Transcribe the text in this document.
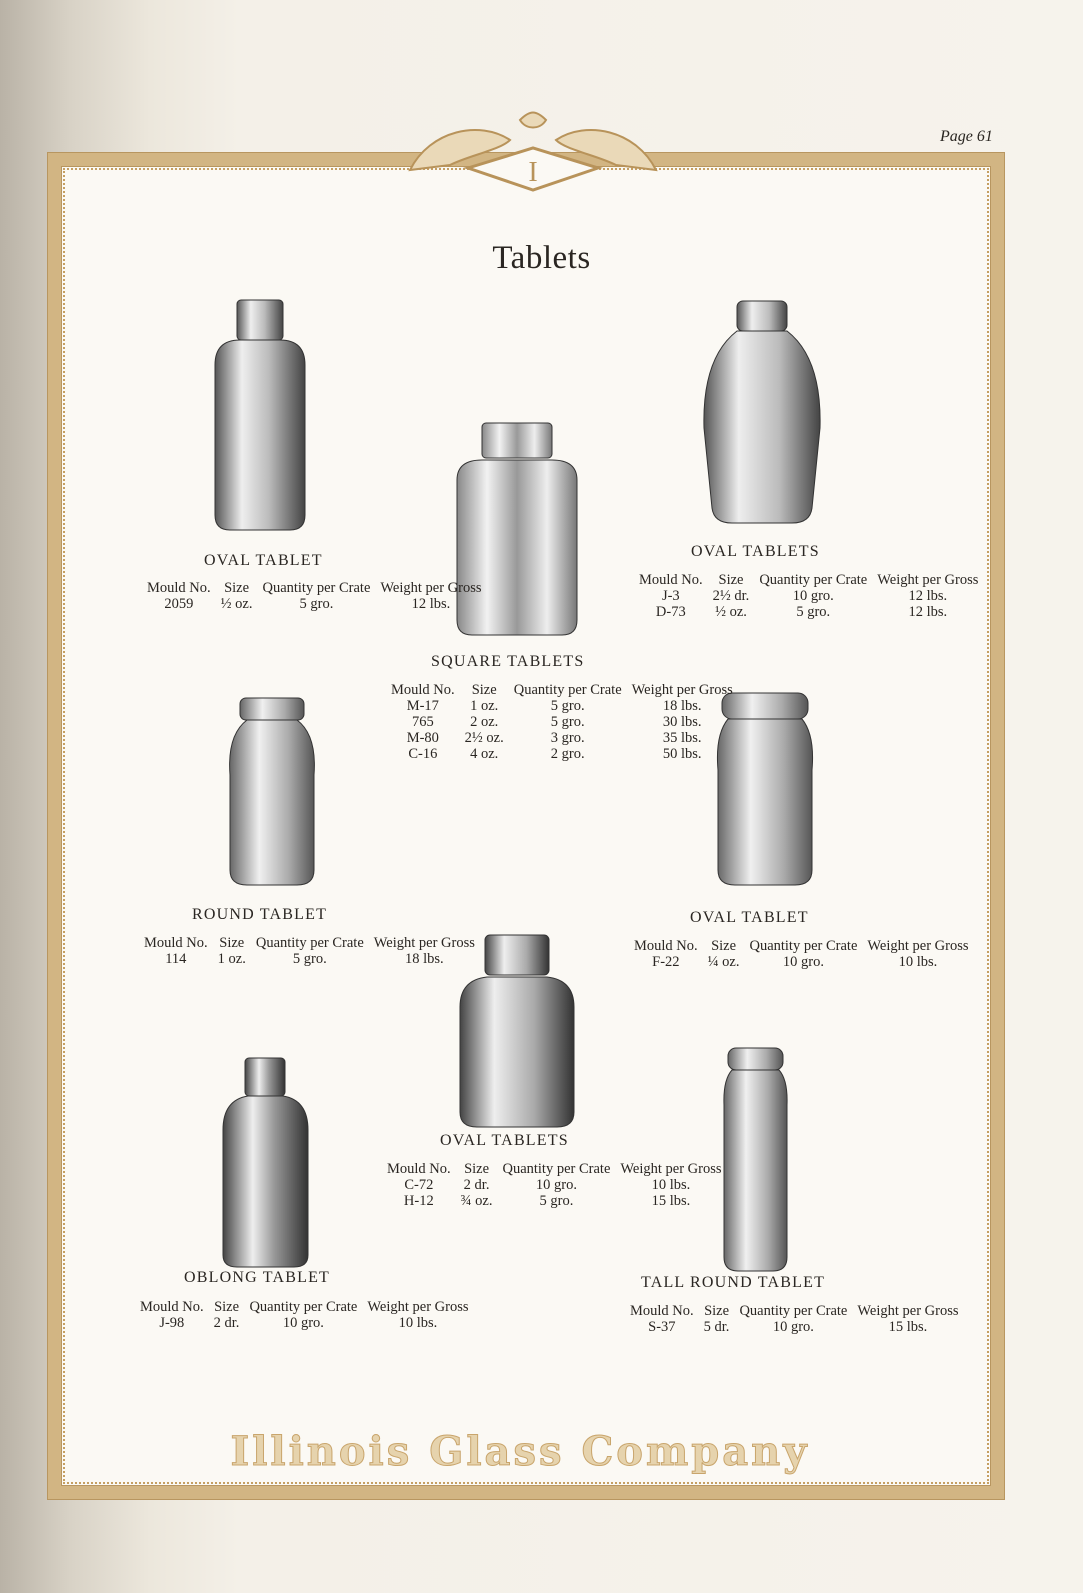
Page 61
I
Tablets
OVAL TABLET
Mould No.	Size	Quantity per Crate	Weight per Gross
2059	½ oz.	5 gro.	12 lbs.
SQUARE TABLETS
Mould No.	Size	Quantity per Crate	Weight per Gross
M-17	1 oz.	5 gro.	18 lbs.
765	2 oz.	5 gro.	30 lbs.
M-80	2½ oz.	3 gro.	35 lbs.
C-16	4 oz.	2 gro.	50 lbs.
OVAL TABLETS
Mould No.	Size	Quantity per Crate	Weight per Gross
J-3	2½ dr.	10 gro.	12 lbs.
D-73	½ oz.	5 gro.	12 lbs.
ROUND TABLET
Mould No.	Size	Quantity per Crate	Weight per Gross
114	1 oz.	5 gro.	18 lbs.
OVAL TABLET
Mould No.	Size	Quantity per Crate	Weight per Gross
F-22	¼ oz.	10 gro.	10 lbs.
OVAL TABLETS
Mould No.	Size	Quantity per Crate	Weight per Gross
C-72	2 dr.	10 gro.	10 lbs.
H-12	¾ oz.	5 gro.	15 lbs.
OBLONG TABLET
Mould No.	Size	Quantity per Crate	Weight per Gross
J-98	2 dr.	10 gro.	10 lbs.
TALL ROUND TABLET
Mould No.	Size	Quantity per Crate	Weight per Gross
S-37	5 dr.	10 gro.	15 lbs.
Illinois Glass Company
